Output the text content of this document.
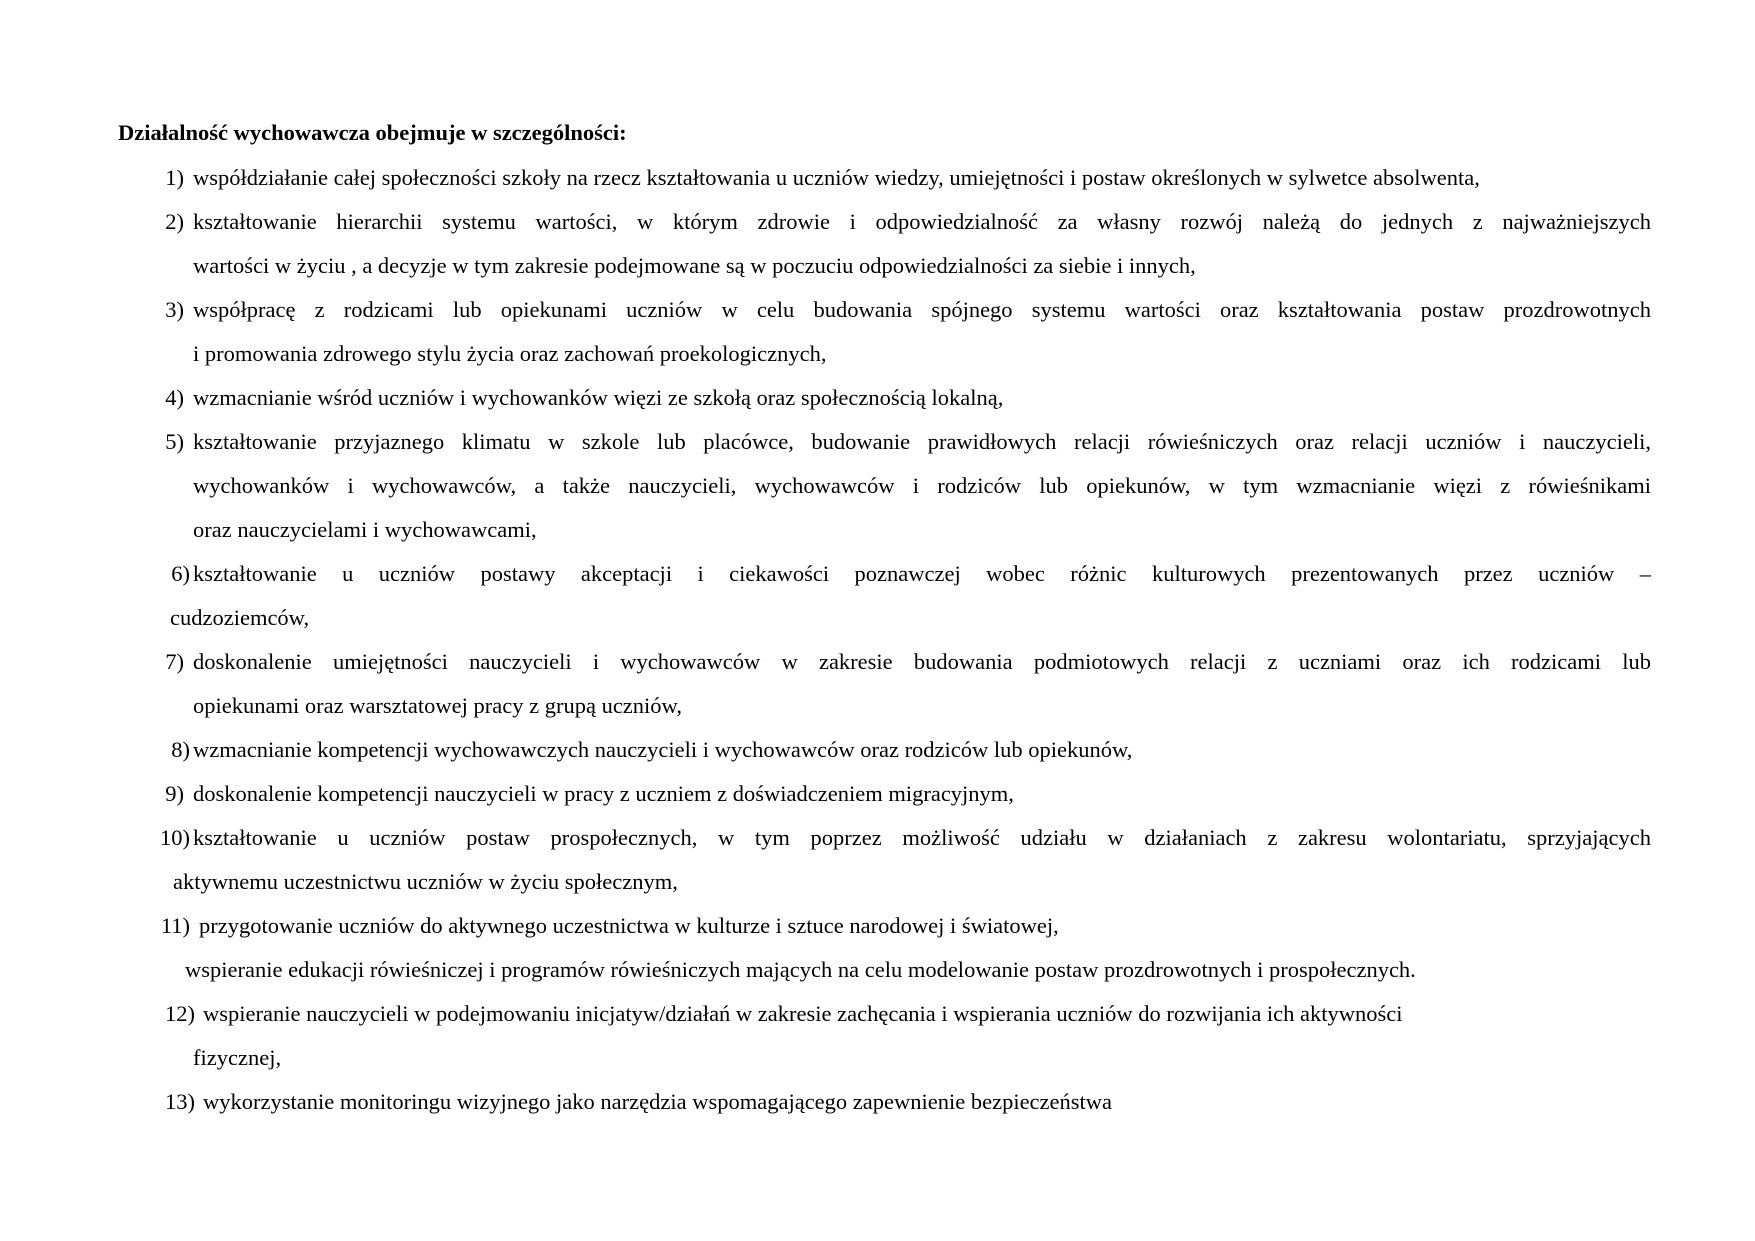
Działalność wychowawcza obejmuje w szczególności:
1) współdziałanie całej społeczności szkoły na rzecz kształtowania u uczniów wiedzy, umiejętności i postaw określonych w sylwetce absolwenta,
2) kształtowanie hierarchii systemu wartości, w którym zdrowie i odpowiedzialność za własny rozwój należą do jednych z najważniejszych
wartości w życiu , a decyzje w tym zakresie podejmowane są w poczuciu odpowiedzialności za siebie i innych,
3) współpracę z rodzicami lub opiekunami uczniów w celu budowania spójnego systemu wartości oraz kształtowania postaw prozdrowotnych
i promowania zdrowego stylu życia oraz zachowań proekologicznych,
4) wzmacnianie wśród uczniów i wychowanków więzi ze szkołą oraz społecznością lokalną,
5) kształtowanie przyjaznego klimatu w szkole lub placówce, budowanie prawidłowych relacji rówieśniczych oraz relacji uczniów i nauczycieli,
wychowanków i wychowawców, a także nauczycieli, wychowawców i rodziców lub opiekunów, w tym wzmacnianie więzi z rówieśnikami
oraz nauczycielami i wychowawcami,
6) kształtowanie u uczniów postawy akceptacji i ciekawości poznawczej wobec różnic kulturowych prezentowanych przez uczniów –
cudzoziemców,
7) doskonalenie umiejętności nauczycieli i wychowawców w zakresie budowania podmiotowych relacji z uczniami oraz ich rodzicami lub
opiekunami oraz warsztatowej pracy z grupą uczniów,
8) wzmacnianie kompetencji wychowawczych nauczycieli i wychowawców oraz rodziców lub opiekunów,
9) doskonalenie kompetencji nauczycieli w pracy z uczniem z doświadczeniem migracyjnym,
10) kształtowanie u uczniów postaw prospołecznych, w tym poprzez możliwość udziału w działaniach z zakresu wolontariatu, sprzyjających
aktywnemu uczestnictwu uczniów w życiu społecznym,
11) przygotowanie uczniów do aktywnego uczestnictwa w kulturze i sztuce narodowej i światowej,
wspieranie edukacji rówieśniczej i programów rówieśniczych mających na celu modelowanie postaw prozdrowotnych i prospołecznych.
12) wspieranie nauczycieli w podejmowaniu inicjatyw/działań w zakresie zachęcania i wspierania uczniów do rozwijania ich aktywności
fizycznej,
13) wykorzystanie monitoringu wizyjnego jako narzędzia wspomagającego zapewnienie bezpieczeństwa
